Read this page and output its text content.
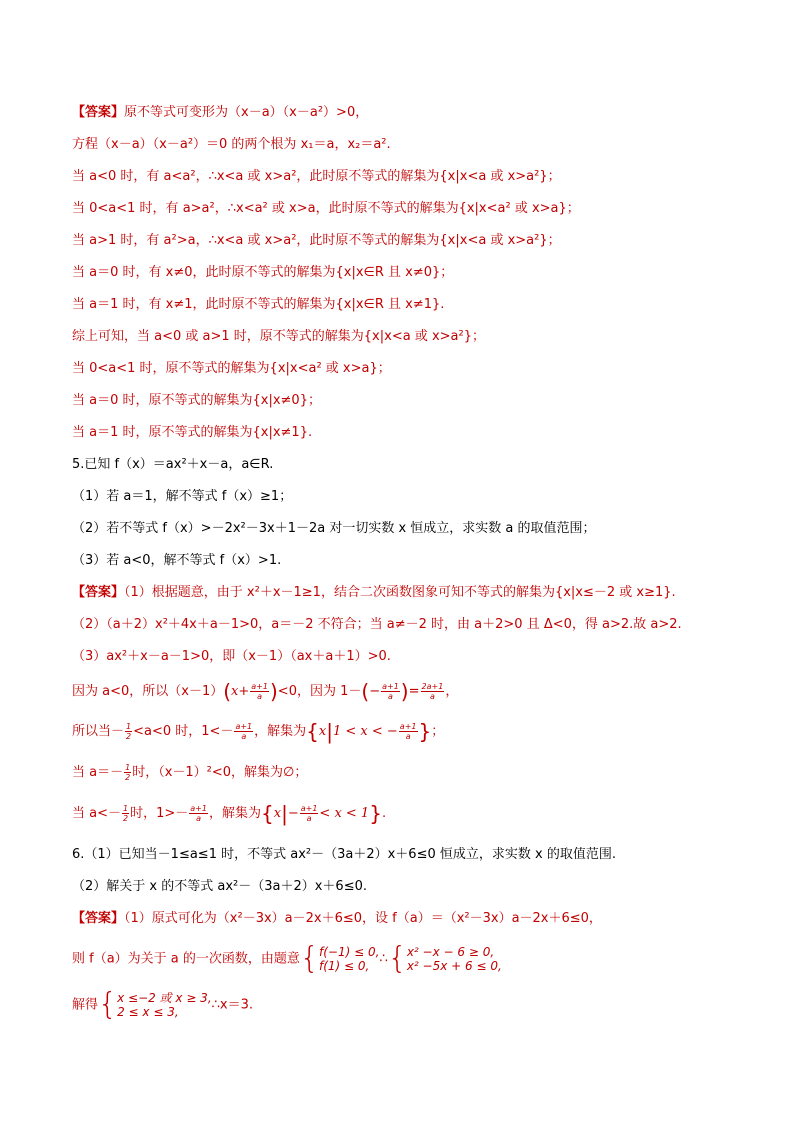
【答案】原不等式可变形为（x－a）（x－a²）>0，
方程（x－a）（x－a²）＝0 的两个根为 x₁＝a，x₂＝a².
当 a<0 时，有 a<a²，∴x<a 或 x>a²，此时原不等式的解集为{x|x<a 或 x>a²}；
当 0<a<1 时，有 a>a²，∴x<a² 或 x>a，此时原不等式的解集为{x|x<a² 或 x>a}；
当 a>1 时，有 a²>a，∴x<a 或 x>a²，此时原不等式的解集为{x|x<a 或 x>a²}；
当 a＝0 时，有 x≠0，此时原不等式的解集为{x|x∈R 且 x≠0}；
当 a＝1 时，有 x≠1，此时原不等式的解集为{x|x∈R 且 x≠1}.
综上可知，当 a<0 或 a>1 时，原不等式的解集为{x|x<a 或 x>a²}；
当 0<a<1 时，原不等式的解集为{x|x<a² 或 x>a}；
当 a＝0 时，原不等式的解集为{x|x≠0}；
当 a＝1 时，原不等式的解集为{x|x≠1}.
5.已知 f（x）＝ax²＋x－a，a∈R.
（1）若 a＝1，解不等式 f（x）≥1；
（2）若不等式 f（x）>－2x²－3x＋1－2a 对一切实数 x 恒成立，求实数 a 的取值范围；
（3）若 a<0，解不等式 f（x）>1.
【答案】（1）根据题意，由于 x²＋x－1≥1，结合二次函数图象可知不等式的解集为{x|x≤－2 或 x≥1}.
（2）（a＋2）x²＋4x＋a－1>0，a＝－2 不符合；当 a≠－2 时，由 a＋2>0 且 Δ<0，得 a>2.故 a>2.
（3）ax²＋x－a－1>0，即（x－1）（ax＋a＋1）>0.
因为 a<0，所以$(x-1)(x+ \frac{a+1}{a} )<0$，因为 $1-(- \frac{a+1}{a}$ )= $\frac{2a+1}{a}$ ，
所以当－ $\frac{1}{2} <a<0$ 时，$1<- \frac{a+1}{a}$ ，解集为{x|1 < x < − $\frac{a+1}{a}$ }；
当 $a=- \frac{1}{2}$ 时，（x－1）²<0，解集为∅；
当 $a<- \frac{1}{2}$ 时，$1>- \frac{a+1}{a}$ ，解集为$\{x|- \frac{a+1}{a} < x < 1\}$.
6.（1）已知当－1≤a≤1 时，不等式 ax²－（3a＋2）x＋6≤0 恒成立，求实数 x 的取值范围.
（2）解关于 x 的不等式 ax²－（3a＋2）x＋6≤0.
【答案】（1）原式可化为（x²－3x）a－2x＋6≤0，设 f（a）＝（x²－3x）a－2x＋6≤0，
则 f（a）为关于 a 的一次函数，由题意 { f(−1) ≤ 0,
f(1) ≤ 0, ∴ { x² −x − 6 ≥ 0,
x² −5x + 6 ≤ 0,
解得 { x ≤−2 或 x ≥ 3,
2 ≤ x ≤ 3,	∴x＝3.
